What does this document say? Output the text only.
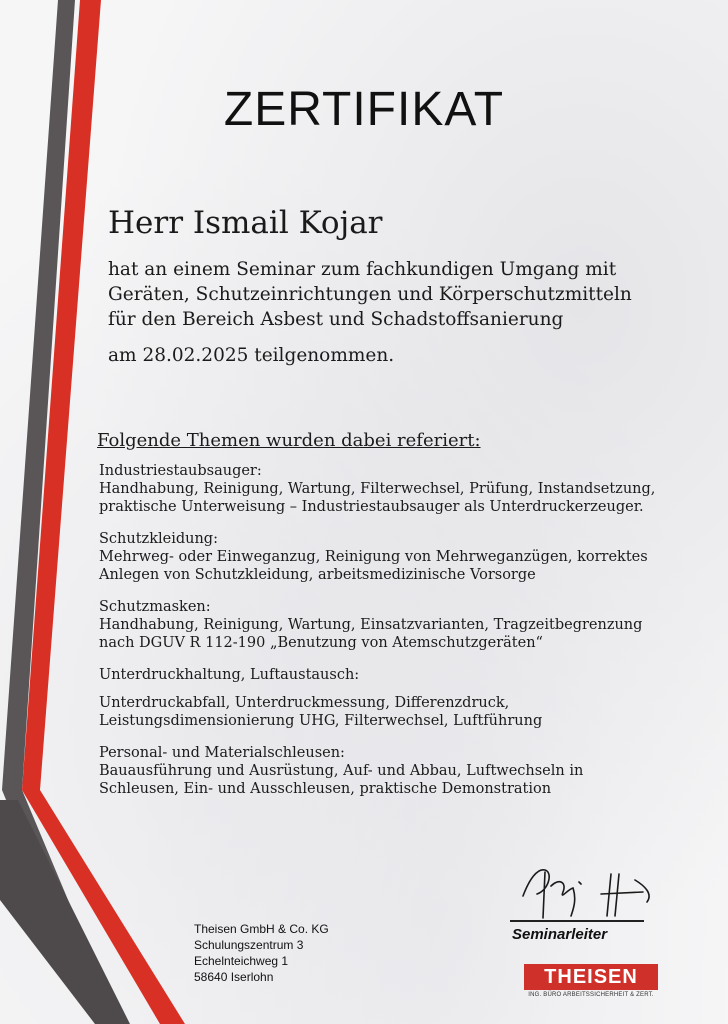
ZERTIFIKAT
Herr Ismail Kojar
hat an einem Seminar zum fachkundigen Umgang mit
Geräten, Schutzeinrichtungen und Körperschutzmitteln
für den Bereich Asbest und Schadstoffsanierung
am 28.02.2025 teilgenommen.
Folgende Themen wurden dabei referiert:
Industriestaubsauger:
Handhabung, Reinigung, Wartung, Filterwechsel, Prüfung, Instandsetzung,
praktische Unterweisung – Industriestaubsauger als Unterdruckerzeuger.
Schutzkleidung:
Mehrweg- oder Einweganzug, Reinigung von Mehrweganzügen, korrektes
Anlegen von Schutzkleidung, arbeitsmedizinische Vorsorge
Schutzmasken:
Handhabung, Reinigung, Wartung, Einsatzvarianten, Tragzeitbegrenzung
nach DGUV R 112-190 „Benutzung von Atemschutzgeräten“
Unterdruckhaltung, Luftaustausch:
Unterdruckabfall, Unterdruckmessung, Differenzdruck,
Leistungsdimensionierung UHG, Filterwechsel, Luftführung
Personal- und Materialschleusen:
Bauausführung und Ausrüstung, Auf- und Abbau, Luftwechseln in
Schleusen, Ein- und Ausschleusen, praktische Demonstration
Theisen GmbH & Co. KG
Schulungszentrum 3
Echelnteichweg 1
58640 Iserlohn
Seminarleiter
THEISEN
ING. BÜRO ARBEITSSICHERHEIT & ZERT.
